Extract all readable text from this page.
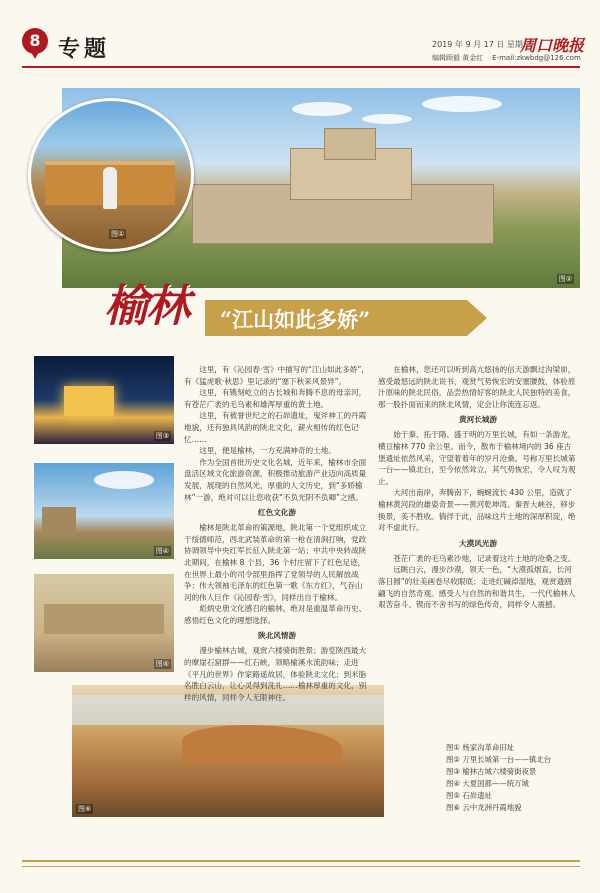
8 专题	2019 年 9 月 17 日 星期二
周口晚报
编辑顾毅 黄金红 E-mail:zkwbdg@126.com
图②
图①
榆林 “江山如此多娇”
图③
图④
图⑤
图⑥

这里，有《沁园春·雪》中描写的“江山如此多娇”，有《猛虎歌·秋思》里记录的“塞下秋来风景异”。

这里，有镌刻屹立的古长城和奔腾不息的母亲河，有苍茫广袤的毛乌素和雄浑厚重的黄土地。

这里，有被誉世纪之的石峁遗址，鬼斧神工的丹霞地貌，还有独具风韵的陕北文化，薪火相传的红色记忆……

这里，便是榆林，一方充满神奇的土地。

作为全国首批历史文化名城，近年来，榆林市全面盘活区域文化旅游资源，积极推动旅游产业迈向高质量发展，展现的自然风光，厚重的人文历史，到“多娇榆林”一游，绝对可以让您收获“不负光阴不负卿”之感。

红色文化游

榆林是陕北革命的策源地，陕北第一个党组织成立于绥德师范，西北武装革命的第一枪在清涧打响，党政协调领导中央红军长征入陕北第一站；中共中央转战陕北期间，在榆林 8 个县，36 个村庄留下了红色足迹，在世界上最小的司令部里指挥了党领导的人民解放战争；伟大领袖毛泽东的红色第一歌《东方红》，气吞山河的伟人巨作《沁园春·雪》，同样出自于榆林。

彪炳史册文化感召的榆林，绝对是重温革命历史、感悟红色文化的理想选择。

陕北风情游

漫步榆林古城，观赏六楼骑街胜景；游览陕西最大的摩崖石窟群——红石峡，领略榆溪水流韵味；走进《平凡的世界》作家路遥故居，体验陕北文化；到米脂名胜白云山，让心灵得到洗礼……榆林厚重的文化，别样的风情，同样令人无限神往。

在榆林，您还可以听到高亢悠扬的信天游飘过沟梁峁，感受最悠远的陕北说书，观赏气势恢宏的安塞腰鼓，体验原汁原味的陕北民俗，品尝热情好客的陕北人民独特的美食，那一股扑面而来的陕北风情，定会让你流连忘返。

黄河长城游

始于秦、拓于隋、盛于明的万里长城，有如一条游龙，横亘榆林 770 余公里。而今，散布于榆林境内的 36 座古堡遗址依然风采，守望着着年的岁月沧桑。号称万里长城第一台——镇北台，至今依然耸立，其气势恢宏，令人叹为观止。

大河出南岸，奔腾南下，蜿蜒流长 430 公里，造就了榆林黄河段的雄姿奇景——黄河乾坤湾、秦晋大峡谷，移步换景，美不胜收。徜徉于此，品味这片土地的深厚积淀，绝对不虚此行。

大漠风光游

苍茫广袤的毛乌素沙地，记录着这片土地的沧桑之变。

远眺白云，漫步沙漠，领天一色，“大漠孤烟直，长河落日圆”的壮美画卷尽收眼底；走进红碱淖湿地，观赏遗鸥翩飞的自然奇观。感受人与自然的和谐共生，一代代榆林人艰苦奋斗、锲而不舍书写的绿色传奇，同样令人震撼。

图① 杨家沟革命旧址
图② 万里长城第一台——镇北台
图③ 榆林古城六楼骑街夜景
图④ 大夏国都——统万城
图⑤ 石峁遗址
图⑥ 云中龙洲丹霞地貌
